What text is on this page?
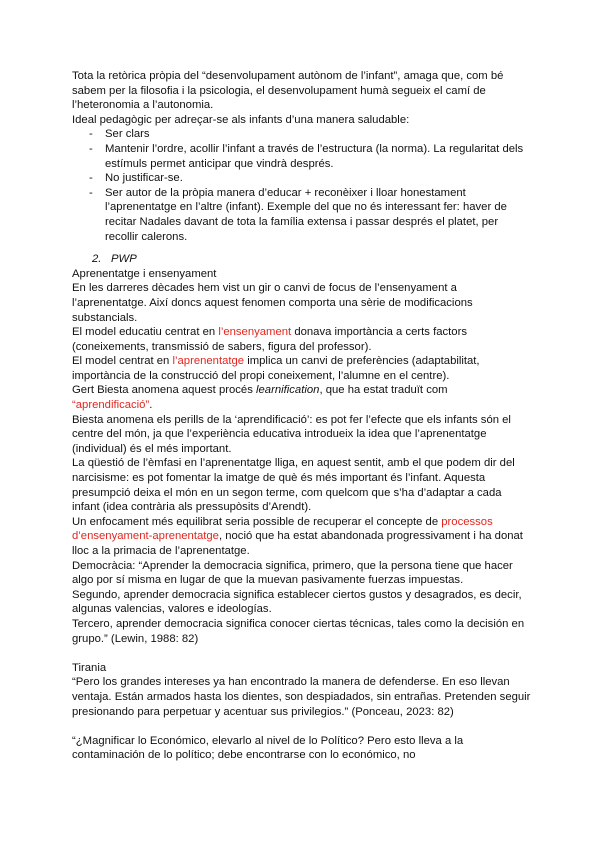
Tota la retòrica pròpia del “desenvolupament autònom de l’infant”, amaga que, com bé sabem per la filosofia i la psicologia, el desenvolupament humà segueix el camí de l’heteronomia a l’autonomia.

Ideal pedagògic per adreçar-se als infants d’una manera saludable:

- Ser clars
- Mantenir l’ordre, acollir l’infant a través de l’estructura (la norma). La regularitat dels estímuls permet anticipar que vindrà després.
- No justificar-se.
- Ser autor de la pròpia manera d’educar + reconèixer i lloar honestament l’aprenentatge en l’altre (infant). Exemple del que no és interessant fer: haver de recitar Nadales davant de tota la família extensa i passar després el platet, per recollir calerons.

2. PWP

Aprenentatge i ensenyament

En les darreres dècades hem vist un gir o canvi de focus de l’ensenyament a l’aprenentatge. Així doncs aquest fenomen comporta una sèrie de modificacions substancials.

El model educatiu centrat en l’ensenyament donava importància a certs factors (coneixements, transmissió de sabers, figura del professor).

El model centrat en l’aprenentatge implica un canvi de preferències (adaptabilitat, importància de la construcció del propi coneixement, l’alumne en el centre).

Gert Biesta anomena aquest procés learnification, que ha estat traduït com
“aprendificació”.

Biesta anomena els perills de la ‘aprendificació’: es pot fer l’efecte que els infants són el centre del món, ja que l’experiència educativa introdueix la idea que l’aprenentatge (individual) és el més important.

La qüestió de l’èmfasi en l’aprenentatge lliga, en aquest sentit, amb el que podem dir del narcisisme: es pot fomentar la imatge de què és més important és l’infant. Aquesta presumpció deixa el món en un segon terme, com quelcom que s’ha d’adaptar a cada infant (idea contrària als pressupòsits d’Arendt).

Un enfocament més equilibrat seria possible de recuperar el concepte de processos d’ensenyament-aprenentatge, noció que ha estat abandonada progressivament i ha donat lloc a la primacia de l’aprenentatge.

Democràcia: “Aprender la democracia significa, primero, que la persona tiene que hacer algo por sí misma en lugar de que la muevan pasivamente fuerzas impuestas.

Segundo, aprender democracia significa establecer ciertos gustos y desagrados, es decir, algunas valencias, valores e ideologías.

Tercero, aprender democracia significa conocer ciertas técnicas, tales como la decisión en grupo.” (Lewin, 1988: 82)

Tirania

“Pero los grandes intereses ya han encontrado la manera de defenderse. En eso llevan ventaja. Están armados hasta los dientes, son despiadados, sin entrañas. Pretenden seguir presionando para perpetuar y acentuar sus privilegios.” (Ponceau, 2023: 82)

“¿Magnificar lo Económico, elevarlo al nivel de lo Político? Pero esto lleva a la contaminación de lo político; debe encontrarse con lo económico, no
